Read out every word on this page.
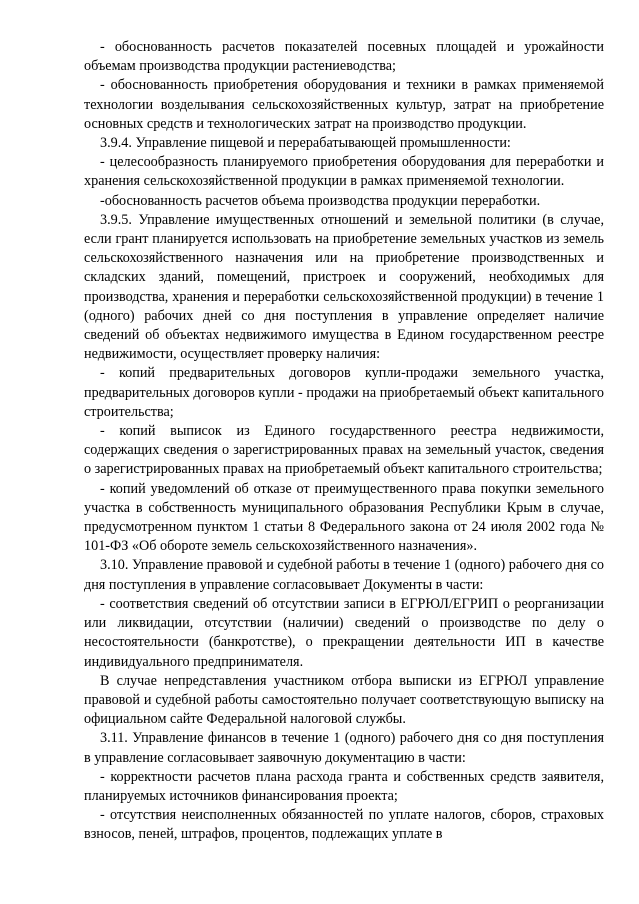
- обоснованность расчетов показателей посевных площадей и урожайности объемам производства продукции растениеводства;

- обоснованность приобретения оборудования и техники в рамках применяемой технологии возделывания сельскохозяйственных культур, затрат на приобретение основных средств и технологических затрат на производство продукции.

3.9.4. Управление пищевой и перерабатывающей промышленности:

- целесообразность планируемого приобретения оборудования для переработки и хранения сельскохозяйственной продукции в рамках применяемой технологии.

-обоснованность расчетов объема производства продукции переработки.

3.9.5. Управление имущественных отношений и земельной политики (в случае, если грант планируется использовать на приобретение земельных участков из земель сельскохозяйственного назначения или на приобретение производственных и складских зданий, помещений, пристроек и сооружений, необходимых для производства, хранения и переработки сельскохозяйственной продукции) в течение 1 (одного) рабочих дней со дня поступления в управление определяет наличие сведений об объектах недвижимого имущества в Едином государственном реестре недвижимости, осуществляет проверку наличия:

- копий предварительных договоров купли-продажи земельного участка, предварительных договоров купли - продажи на приобретаемый объект капитального строительства;

- копий выписок из Единого государственного реестра недвижимости, содержащих сведения о зарегистрированных правах на земельный участок, сведения о зарегистрированных правах на приобретаемый объект капитального строительства;

- копий уведомлений об отказе от преимущественного права покупки земельного участка в собственность муниципального образования Республики Крым в случае, предусмотренном пунктом 1 статьи 8 Федерального закона от 24 июля 2002 года № 101-ФЗ «Об обороте земель сельскохозяйственного назначения».

3.10. Управление правовой и судебной работы в течение 1 (одного) рабочего дня со дня поступления в управление согласовывает Документы в части:

- соответствия сведений об отсутствии записи в ЕГРЮЛ/ЕГРИП о реорганизации или ликвидации, отсутствии (наличии) сведений о производстве по делу о несостоятельности (банкротстве), о прекращении деятельности ИП в качестве индивидуального предпринимателя.

В случае непредставления участником отбора выписки из ЕГРЮЛ управление правовой и судебной работы самостоятельно получает соответствующую выписку на официальном сайте Федеральной налоговой службы.

3.11. Управление финансов в течение 1 (одного) рабочего дня со дня поступления в управление согласовывает заявочную документацию в части:

- корректности расчетов плана расхода гранта и собственных средств заявителя, планируемых источников финансирования проекта;

- отсутствия неисполненных обязанностей по уплате налогов, сборов, страховых взносов, пеней, штрафов, процентов, подлежащих уплате в
